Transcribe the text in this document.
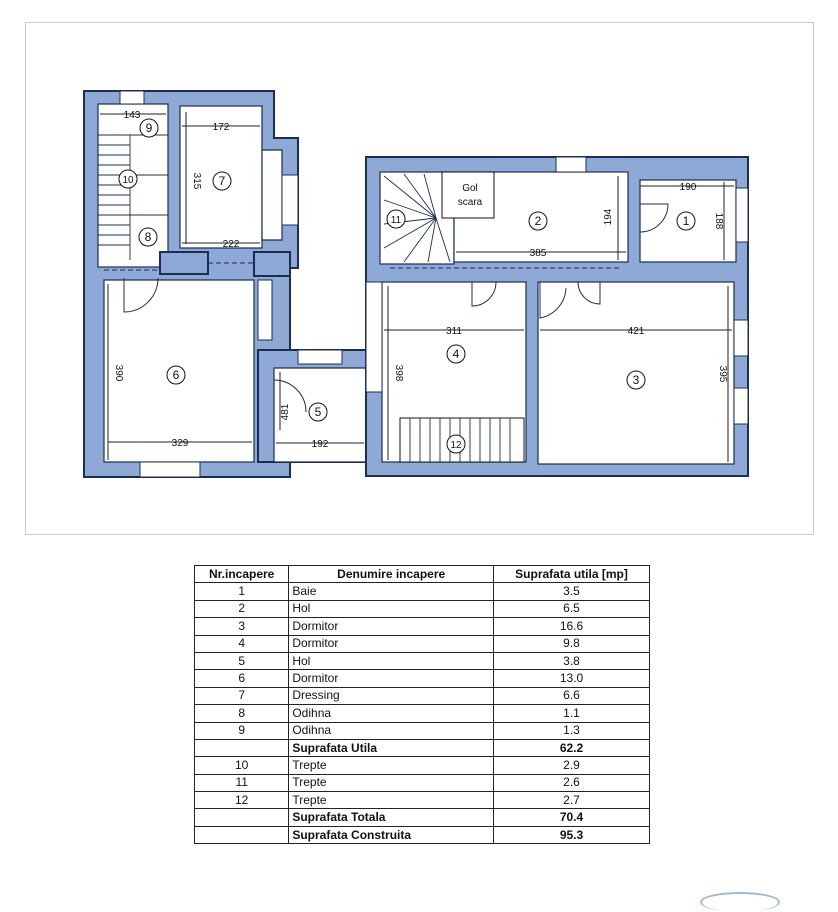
Gol
scara
143
172
315
222
390
329	192
190
188
194
385
311
398
421
395
481
1
2
3
4
5
6
7
8
9
10
11
12
Nr.incapere	Denumire incapere	Suprafata utila [mp]
1	Baie	3.5
2	Hol	6.5
3	Dormitor	16.6
4	Dormitor	9.8
5	Hol	3.8
6	Dormitor	13.0
7	Dressing	6.6
8	Odihna	1.1
9	Odihna	1.3
	Suprafata Utila	62.2
10	Trepte	2.9
11	Trepte	2.6
12	Trepte	2.7
	Suprafata Totala	70.4
	Suprafata Construita	95.3
